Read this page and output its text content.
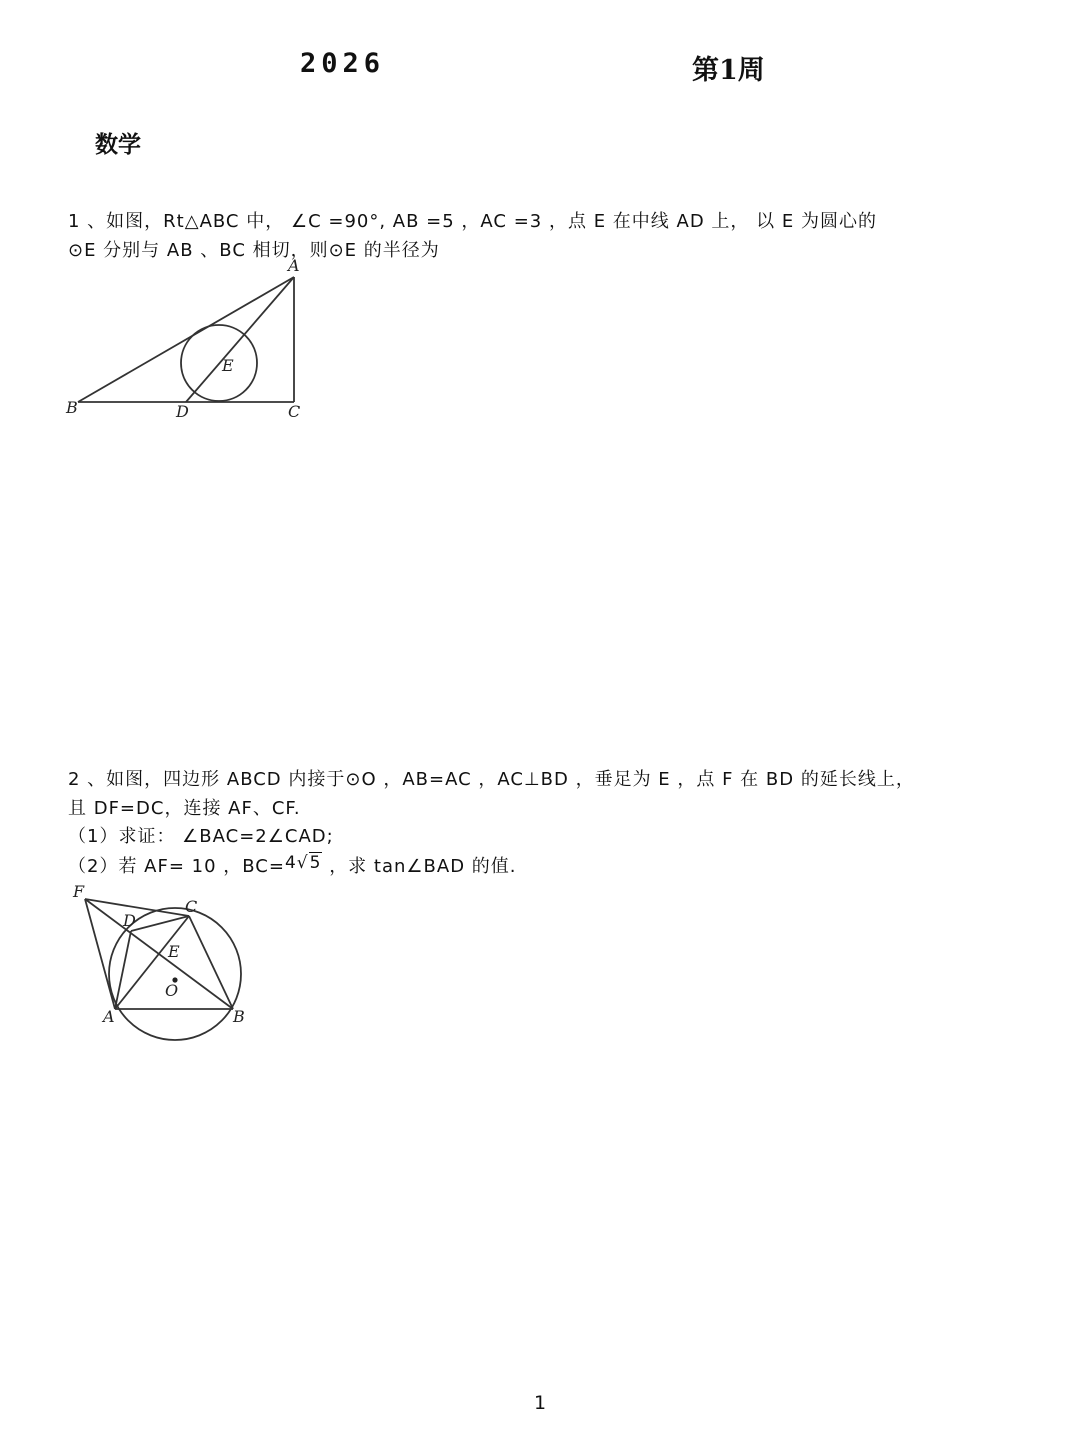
2026	第1周
数学
1 、如图，Rt△ABC 中， ∠C =90°, AB =5 ，AC =3 ，点 E 在中线 AD 上， 以 E 为圆心的
⊙E 分别与 AB 、BC 相切，则⊙E 的半径为
A
B	C
D
E
2 、如图，四边形 ABCD 内接于⊙O ，AB=AC ，AC⊥BD ，垂足为 E ，点 F 在 BD 的延长线上，
且 DF=DC，连接 AF、CF.
（1）求证： ∠BAC=2∠CAD;
（2）若 AF= 10 ，BC=4√5 ，求 tan∠BAD 的值.
F
D
C
E
O
A	B
1
